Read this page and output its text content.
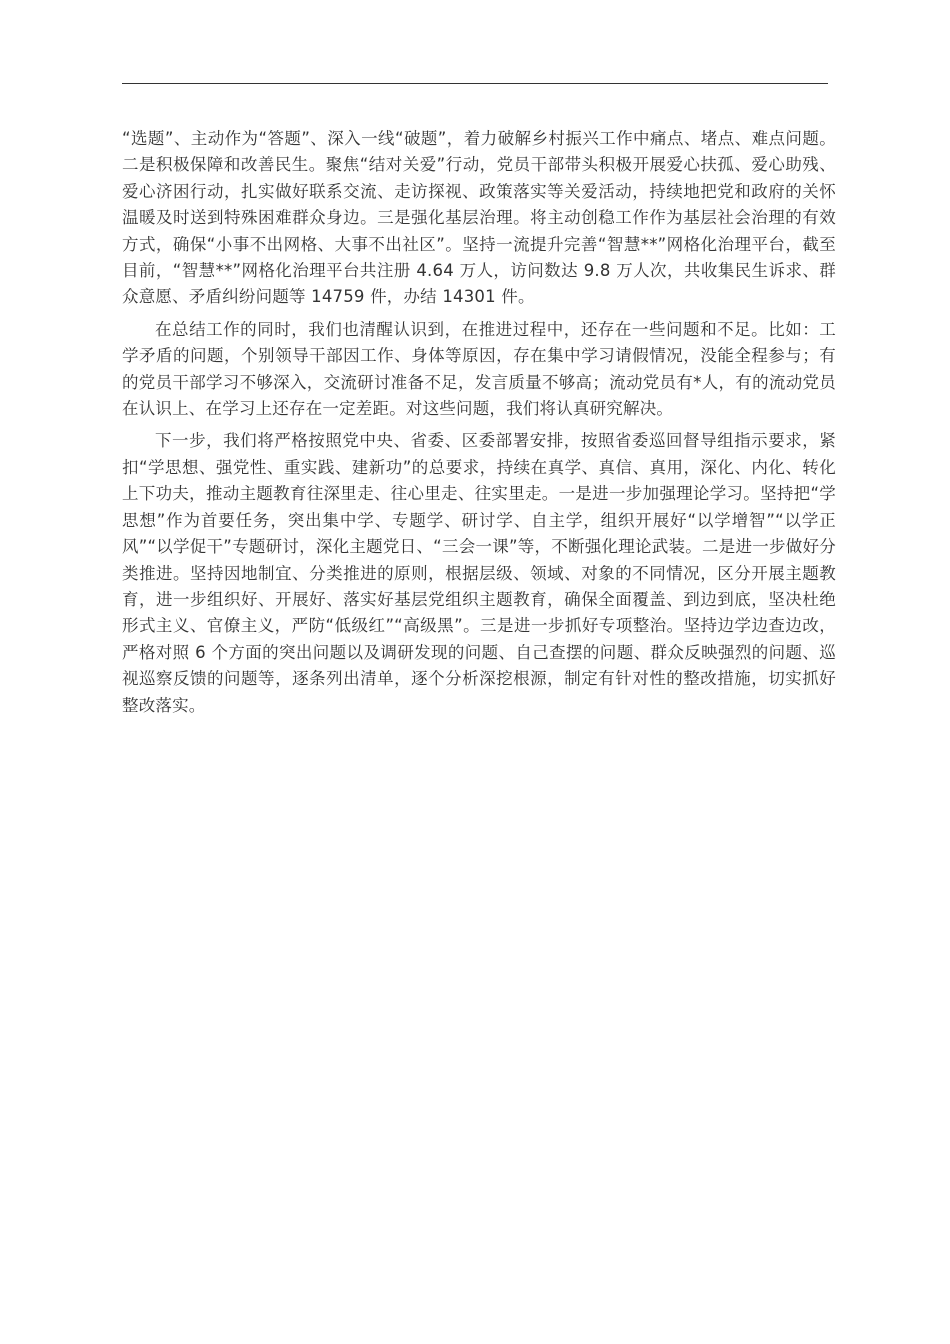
“选题”、主动作为“答题”、深入一线“破题”，着力破解乡村振兴工作中痛点、堵点、难点问题。二是积极保障和改善民生。聚焦“结对关爱”行动，党员干部带头积极开展爱心扶孤、爱心助残、爱心济困行动，扎实做好联系交流、走访探视、政策落实等关爱活动，持续地把党和政府的关怀温暖及时送到特殊困难群众身边。三是强化基层治理。将主动创稳工作作为基层社会治理的有效方式，确保“小事不出网格、大事不出社区”。坚持一流提升完善“智慧**”网格化治理平台，截至目前，“智慧**”网格化治理平台共注册 4.64 万人，访问数达 9.8 万人次，共收集民生诉求、群众意愿、矛盾纠纷问题等 14759 件，办结 14301 件。

在总结工作的同时，我们也清醒认识到，在推进过程中，还存在一些问题和不足。比如：工学矛盾的问题，个别领导干部因工作、身体等原因，存在集中学习请假情况，没能全程参与；有的党员干部学习不够深入，交流研讨准备不足，发言质量不够高；流动党员有*人，有的流动党员在认识上、在学习上还存在一定差距。对这些问题，我们将认真研究解决。

下一步，我们将严格按照党中央、省委、区委部署安排，按照省委巡回督导组指示要求，紧扣“学思想、强党性、重实践、建新功”的总要求，持续在真学、真信、真用，深化、内化、转化上下功夫，推动主题教育往深里走、往心里走、往实里走。一是进一步加强理论学习。坚持把“学思想”作为首要任务，突出集中学、专题学、研讨学、自主学，组织开展好“以学增智”“以学正风”“以学促干”专题研讨，深化主题党日、“三会一课”等，不断强化理论武装。二是进一步做好分类推进。坚持因地制宜、分类推进的原则，根据层级、领域、对象的不同情况，区分开展主题教育，进一步组织好、开展好、落实好基层党组织主题教育，确保全面覆盖、到边到底，坚决杜绝形式主义、官僚主义，严防“低级红”“高级黑”。三是进一步抓好专项整治。坚持边学边查边改，严格对照 6 个方面的突出问题以及调研发现的问题、自己查摆的问题、群众反映强烈的问题、巡视巡察反馈的问题等，逐条列出清单，逐个分析深挖根源，制定有针对性的整改措施，切实抓好整改落实。
